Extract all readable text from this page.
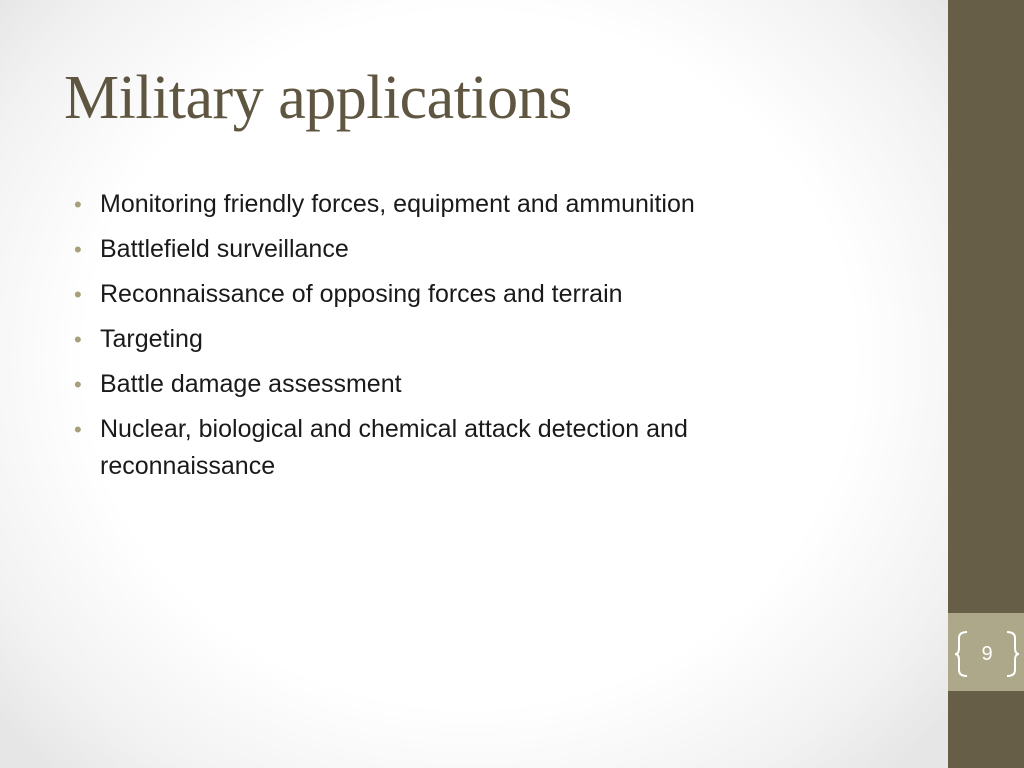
Military applications
• Monitoring friendly forces, equipment and ammunition
• Battlefield surveillance
• Reconnaissance of opposing forces and terrain
• Targeting
• Battle damage assessment
• Nuclear, biological and chemical attack detection and reconnaissance
9
